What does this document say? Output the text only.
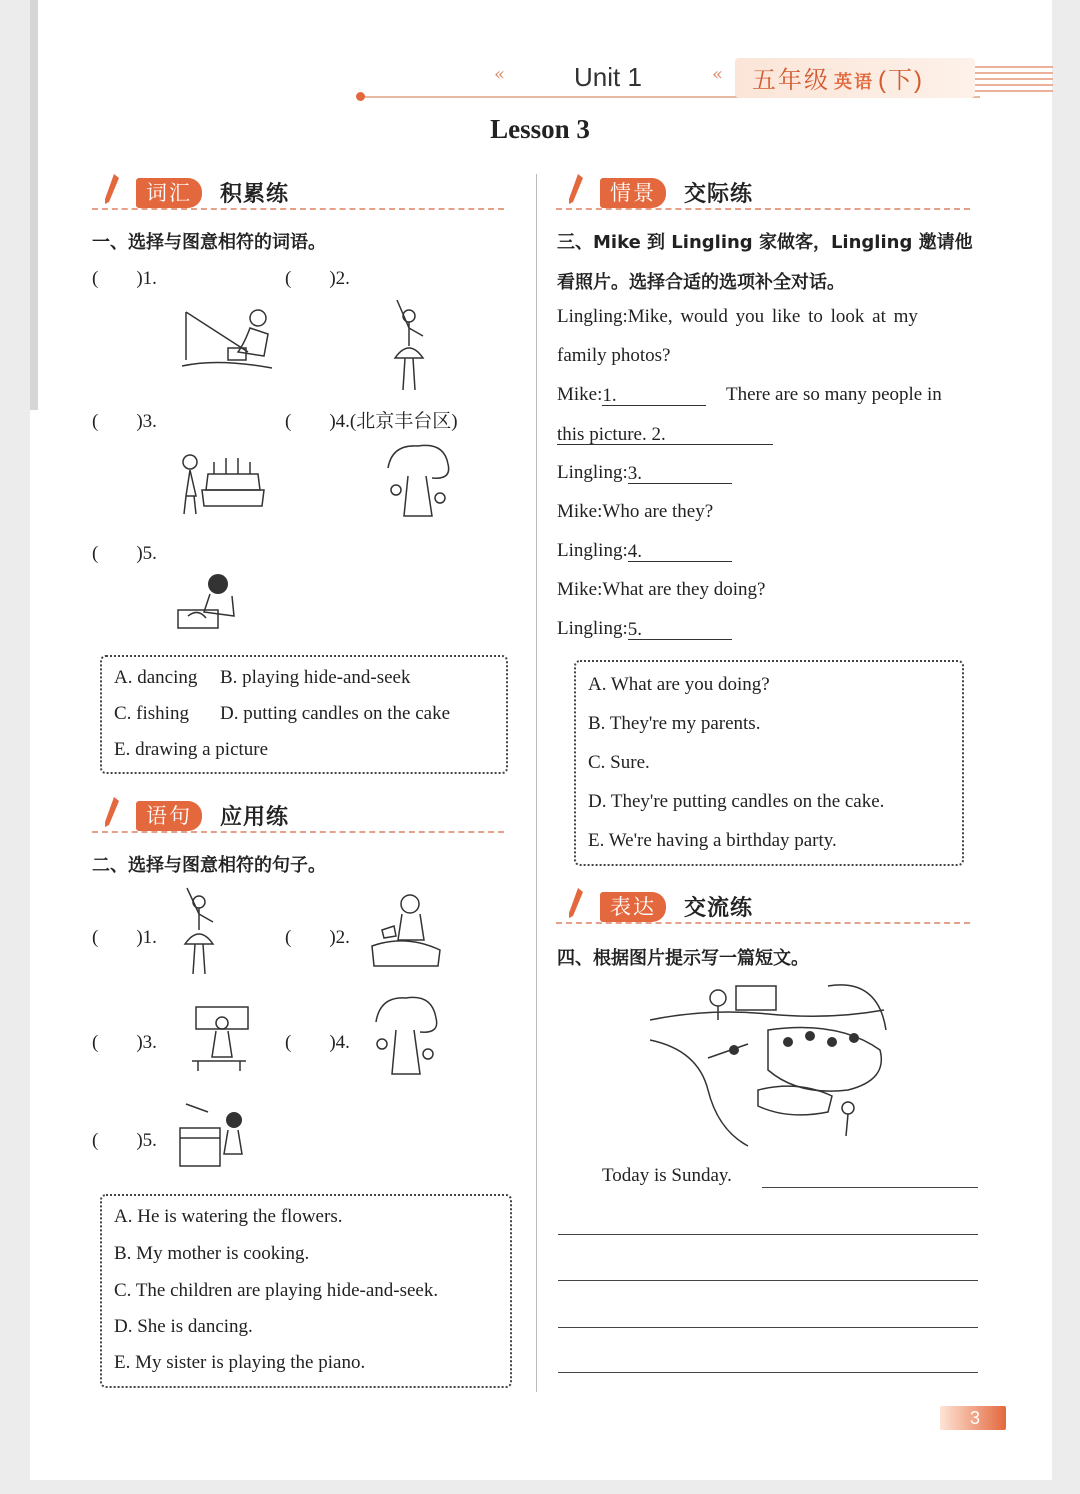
«	Unit 1	« 五年级 英语 (下)
Lesson 3
词汇	积累练
一、选择与图意相符的词语。
(　　)1.	(　　)2.
(　　)3.	(　　)4.(北京丰台区)
(　　)5.
A. dancing B. playing hide-and-seek
C. fishing D. putting candles on the cake
E. drawing a picture
语句	应用练
二、选择与图意相符的句子。
(　　)1.	(　　)2.
(　　)3.	(　　)4.
(　　)5.
A. He is watering the flowers.
B. My mother is cooking.
C. The children are playing hide-and-seek.
D. She is dancing.
E. My sister is playing the piano.
情景	交际练
三、Mike 到 Lingling 家做客，Lingling 邀请他
看照片。选择合适的选项补全对话。
Lingling:Mike, would you like to look at my
family photos?
Mike:1.	There are so many people in
this picture. 2.
Lingling:3.
Mike:Who are they?
Lingling:4.
Mike:What are they doing?
Lingling:5.
A. What are you doing?
B. They're my parents.
C. Sure.
D. They're putting candles on the cake.
E. We're having a birthday party.
表达	交流练
四、根据图片提示写一篇短文。
Today is Sunday.
3
